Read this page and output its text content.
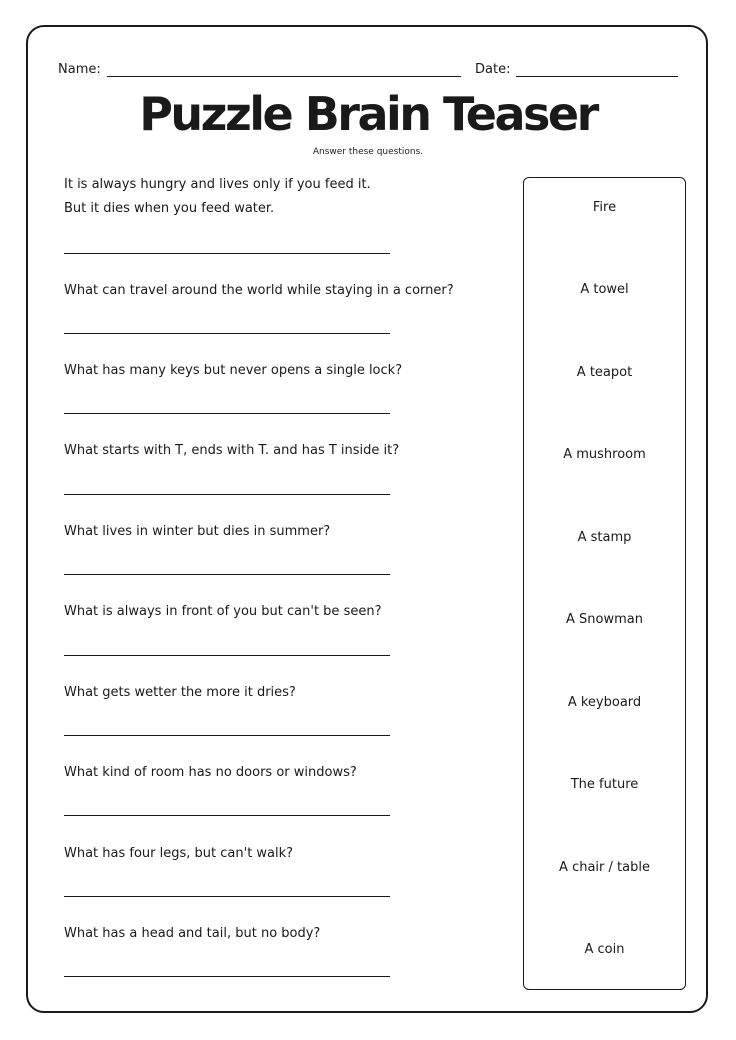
Name:	Date:
Puzzle Brain Teaser
Answer these questions.
It is always hungry and lives only if you feed it.
But it dies when you feed water.
What can travel around the world while staying in a corner?
What has many keys but never opens a single lock?
What starts with T, ends with T. and has T inside it?
What lives in winter but dies in summer?
What is always in front of you but can't be seen?
What gets wetter the more it dries?
What kind of room has no doors or windows?
What has four legs, but can't walk?
What has a head and tail, but no body?
Fire
A towel
A teapot
A mushroom
A stamp
A Snowman
A keyboard
The future
A chair / table
A coin
